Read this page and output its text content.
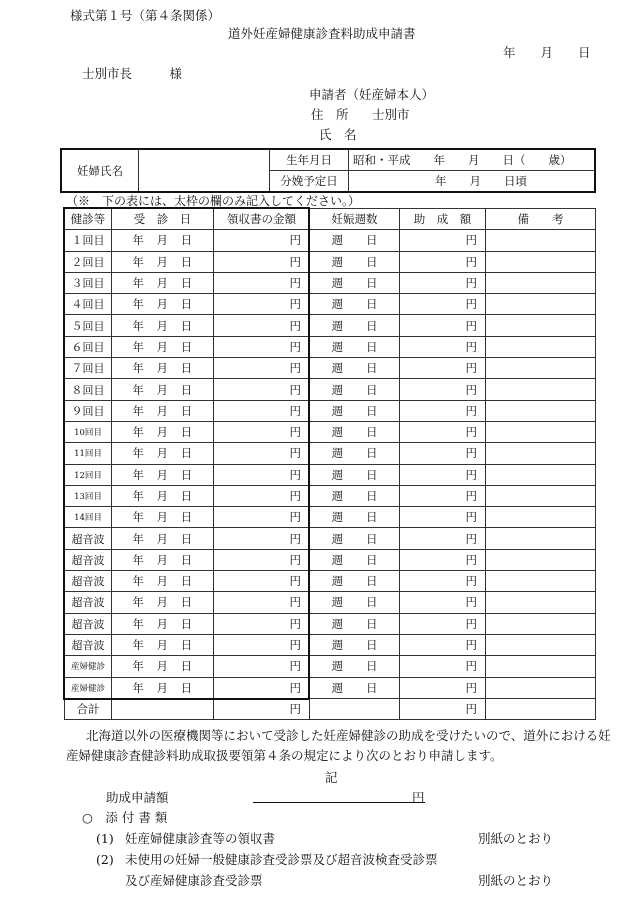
様式第１号（第４条関係）
道外妊産婦健康診査料助成申請書
年　　月　　日
士別市長　　　様
申請者（妊産婦本人）
住　所 士別市
氏　名
妊婦氏名		生年月日	昭和・平成　　年　　月　　日（　　歳）
		分娩予定日	年　　月　　日頃
（※　下の表には、太枠の欄のみ記入してください。）
健診等	受　診　日	領収書の金額	妊娠週数	助　成　額	備　　考
１回目	年　月　日	円	週　　日	円	
２回目	年　月　日	円	週　　日	円	
３回目	年　月　日	円	週　　日	円	
４回目	年　月　日	円	週　　日	円	
５回目	年　月　日	円	週　　日	円	
６回目	年　月　日	円	週　　日	円	
７回目	年　月　日	円	週　　日	円	
８回目	年　月　日	円	週　　日	円	
９回目	年　月　日	円	週　　日	円	
10回目	年　月　日	円	週　　日	円	
11回目	年　月　日	円	週　　日	円	
12回目	年　月　日	円	週　　日	円	
13回目	年　月　日	円	週　　日	円	
14回目	年　月　日	円	週　　日	円	
超音波	年　月　日	円	週　　日	円	
超音波	年　月　日	円	週　　日	円	
超音波	年　月　日	円	週　　日	円	
超音波	年　月　日	円	週　　日	円	
超音波	年　月　日	円	週　　日	円	
超音波	年　月　日	円	週　　日	円	
産婦健診	年　月　日	円	週　　日	円	
産婦健診	年　月　日	円	週　　日	円	
合計		円		円	
北海道以外の医療機関等において受診した妊産婦健診の助成を受けたいので、道外における妊
産婦健康診査健診料助成取扱要領第４条の規定により次のとおり申請します。
記
助成申請額	円
○　添 付 書 類
(1) 妊産婦健康診査等の領収書	別紙のとおり
(2) 未使用の妊婦一般健康診査受診票及び超音波検査受診票
及び産婦健康診査受診票	別紙のとおり
